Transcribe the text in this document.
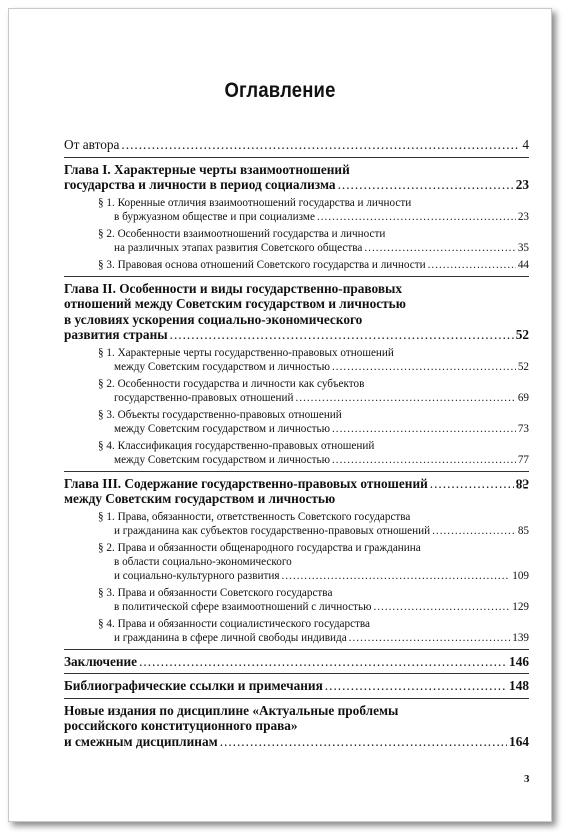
Оглавление
От автора .....	4
Глава I. Характерные черты взаимоотношений
государства и личности в период социализма .....	23
§ 1. Коренные отличия взаимоотношений государства и личности
в буржуазном обществе и при социализме .....	23
§ 2. Особенности взаимоотношений государства и личности
на различных этапах развития Советского общества .....	35
§ 3. Правовая основа отношений Советского государства и личности .....	44
Глава II. Особенности и виды государственно-правовых
отношений между Советским государством и личностью
в условиях ускорения социально-экономического
развития страны .....	52
§ 1. Характерные черты государственно-правовых отношений
между Советским государством и личностью .....	52
§ 2. Особенности государства и личности как субъектов
государственно-правовых отношений .....	69
§ 3. Объекты государственно-правовых отношений
между Советским государством и личностью .....	73
§ 4. Классификация государственно-правовых отношений
между Советским государством и личностью .....	77
Глава III. Содержание государственно-правовых отношений .....	85
между Советским государством и личностью
§ 1. Права, обязанности, ответственность Советского государства
и гражданина как субъектов государственно-правовых отношений .....	85
§ 2. Права и обязанности общенародного государства и гражданина
в области социально-экономического
и социально-культурного развития .....	109
§ 3. Права и обязанности Советского государства
в политической сфере взаимоотношений с личностью .....	129
§ 4. Права и обязанности социалистического государства
и гражданина в сфере личной свободы индивида .....	139
Заключение .....	146
Библиографические ссылки и примечания .....	148
Новые издания по дисциплине «Актуальные проблемы
российского конституционного права»
и смежным дисциплинам .....	164
3
